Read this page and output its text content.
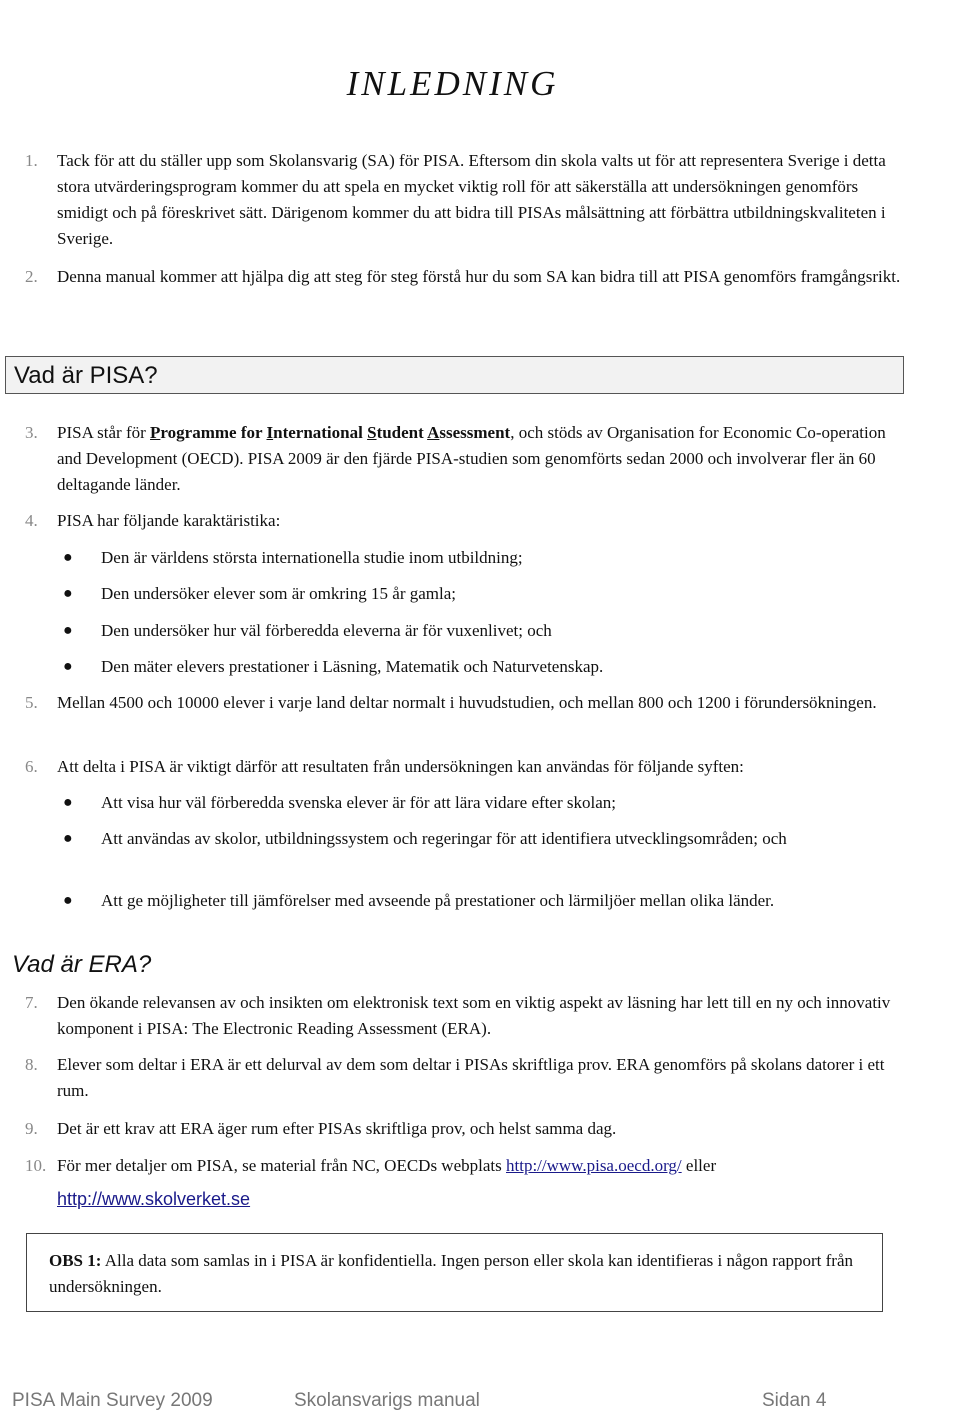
INLEDNING
1. Tack för att du ställer upp som Skolansvarig (SA) för PISA. Eftersom din skola valts ut för att representera Sverige i detta stora utvärderingsprogram kommer du att spela en mycket viktig roll för att säkerställa att undersökningen genomförs smidigt och på föreskrivet sätt. Därigenom kommer du att bidra till PISAs målsättning att förbättra utbildningskvaliteten i Sverige.
2. Denna manual kommer att hjälpa dig att steg för steg förstå hur du som SA kan bidra till att PISA genomförs framgångsrikt.
Vad är PISA?
3. PISA står för Programme for International Student Assessment, och stöds av Organisation for Economic Co-operation and Development (OECD). PISA 2009 är den fjärde PISA-studien som genomförts sedan 2000 och involverar fler än 60 deltagande länder.
4. PISA har följande karaktäristika:
● Den är världens största internationella studie inom utbildning;
● Den undersöker elever som är omkring 15 år gamla;
● Den undersöker hur väl förberedda eleverna är för vuxenlivet; och
● Den mäter elevers prestationer i Läsning, Matematik och Naturvetenskap.
5. Mellan 4500 och 10000 elever i varje land deltar normalt i huvudstudien, och mellan 800 och 1200 i förundersökningen.
6. Att delta i PISA är viktigt därför att resultaten från undersökningen kan användas för följande syften:
● Att visa hur väl förberedda svenska elever är för att lära vidare efter skolan;
● Att användas av skolor, utbildningssystem och regeringar för att identifiera utvecklingsområden; och
● Att ge möjligheter till jämförelser med avseende på prestationer och lärmiljöer mellan olika länder.
Vad är ERA?
7. Den ökande relevansen av och insikten om elektronisk text som en viktig aspekt av läsning har lett till en ny och innovativ komponent i PISA: The Electronic Reading Assessment (ERA).
8. Elever som deltar i ERA är ett delurval av dem som deltar i PISAs skriftliga prov. ERA genomförs på skolans datorer i ett rum.
9. Det är ett krav att ERA äger rum efter PISAs skriftliga prov, och helst samma dag.
10. För mer detaljer om PISA, se material från NC, OECDs webplats http://www.pisa.oecd.org/ eller
http://www.skolverket.se
OBS 1: Alla data som samlas in i PISA är konfidentiella. Ingen person eller skola kan identifieras i någon rapport från undersökningen.
PISA Main Survey 2009	Skolansvarigs manual	Sidan 4
